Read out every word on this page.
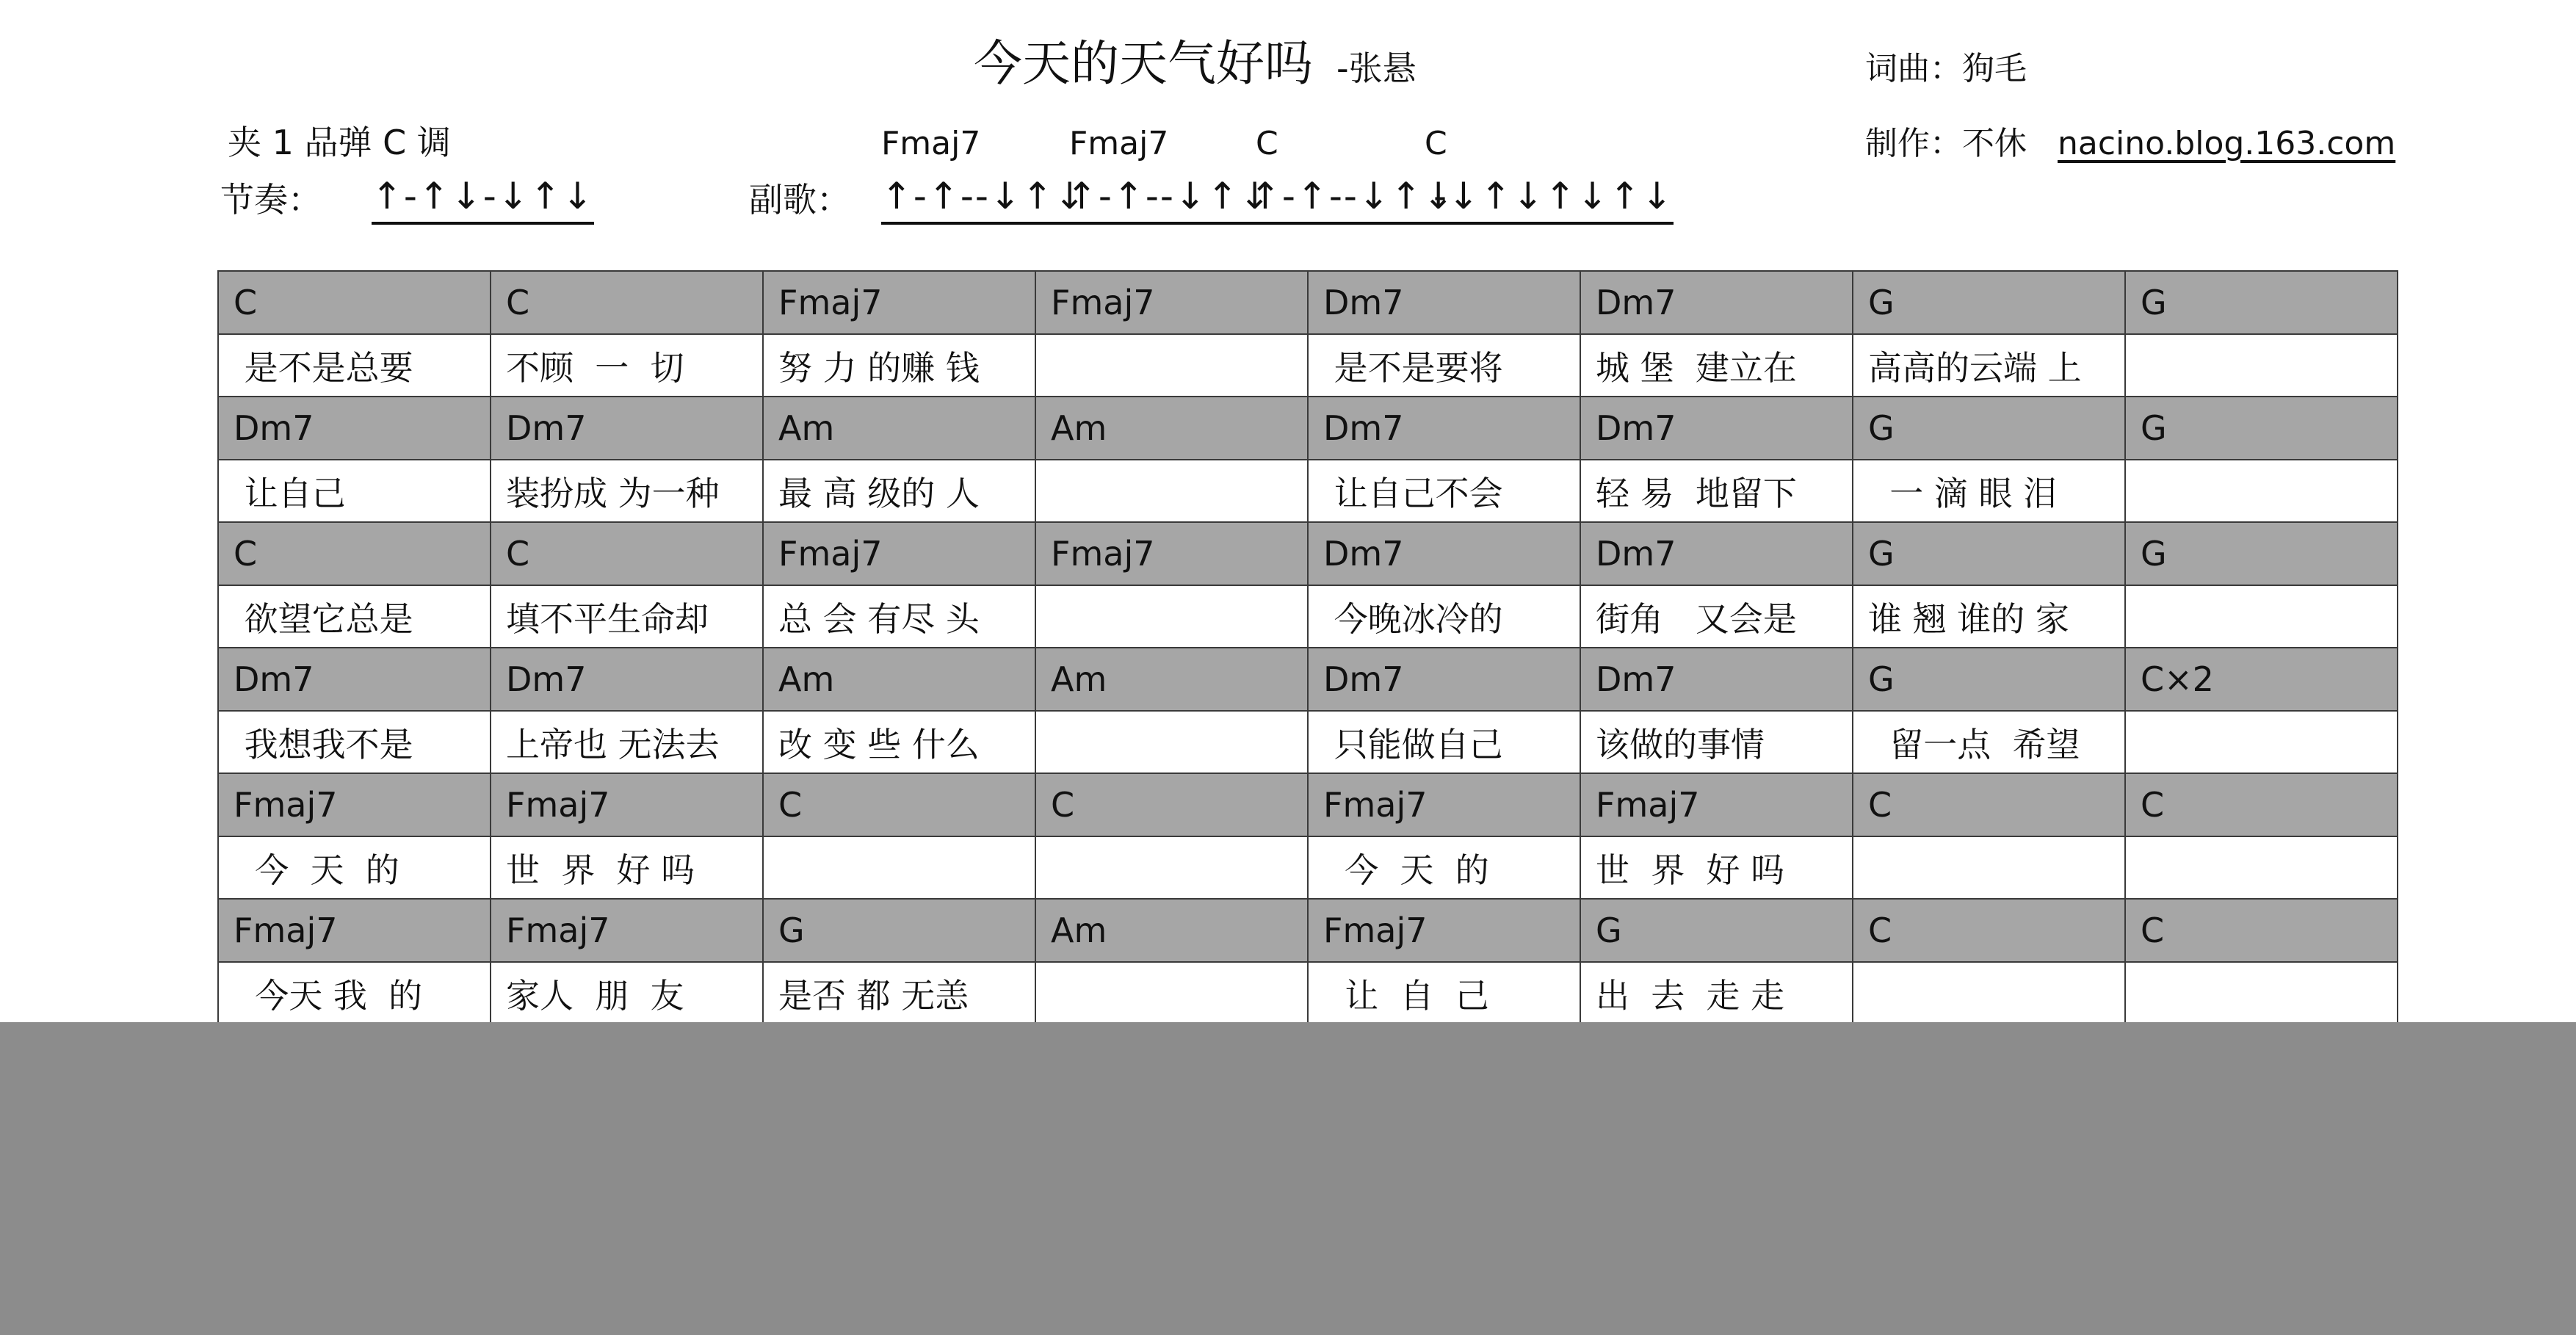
今天的天气好吗 -张悬	词曲：狗毛
夹 1 品弹 C 调	制作：不休 nacino.blog.163.com
节奏： ↑-↑↓-↓↑↓	副歌：
Fmaj7
↑-↑--↓↑↓
Fmaj7
↑-↑--↓↑↓
C
↑-↑--↓↑↓
C
-↓↑↓↑↓↑↓
C	C	Fmaj7	Fmaj7	Dm7	Dm7	G	G
是不是总要	不顾  一  切	努 力 的赚 钱		是不是要将	城 堡  建立在	高高的云端 上	
Dm7	Dm7	Am	Am	Dm7	Dm7	G	G
让自己	装扮成 为一种	最 高 级的 人		让自己不会	轻 易  地留下	一 滴 眼 泪	
C	C	Fmaj7	Fmaj7	Dm7	Dm7	G	G
欲望它总是	填不平生命却	总 会 有尽 头		今晚冰冷的	街角   又会是	谁 翘 谁的 家	
Dm7	Dm7	Am	Am	Dm7	Dm7	G	C×2
我想我不是	上帝也 无法去	改 变 些 什么		只能做自己	该做的事情	留一点  希望	
Fmaj7	Fmaj7	C	C	Fmaj7	Fmaj7	C	C
今  天  的	世  界  好 吗			今  天  的	世  界  好 吗		
Fmaj7	Fmaj7	G	Am	Fmaj7	G	C	C
今天 我  的	家人  朋  友	是否 都 无恙		让  自  己	出  去  走 走		
